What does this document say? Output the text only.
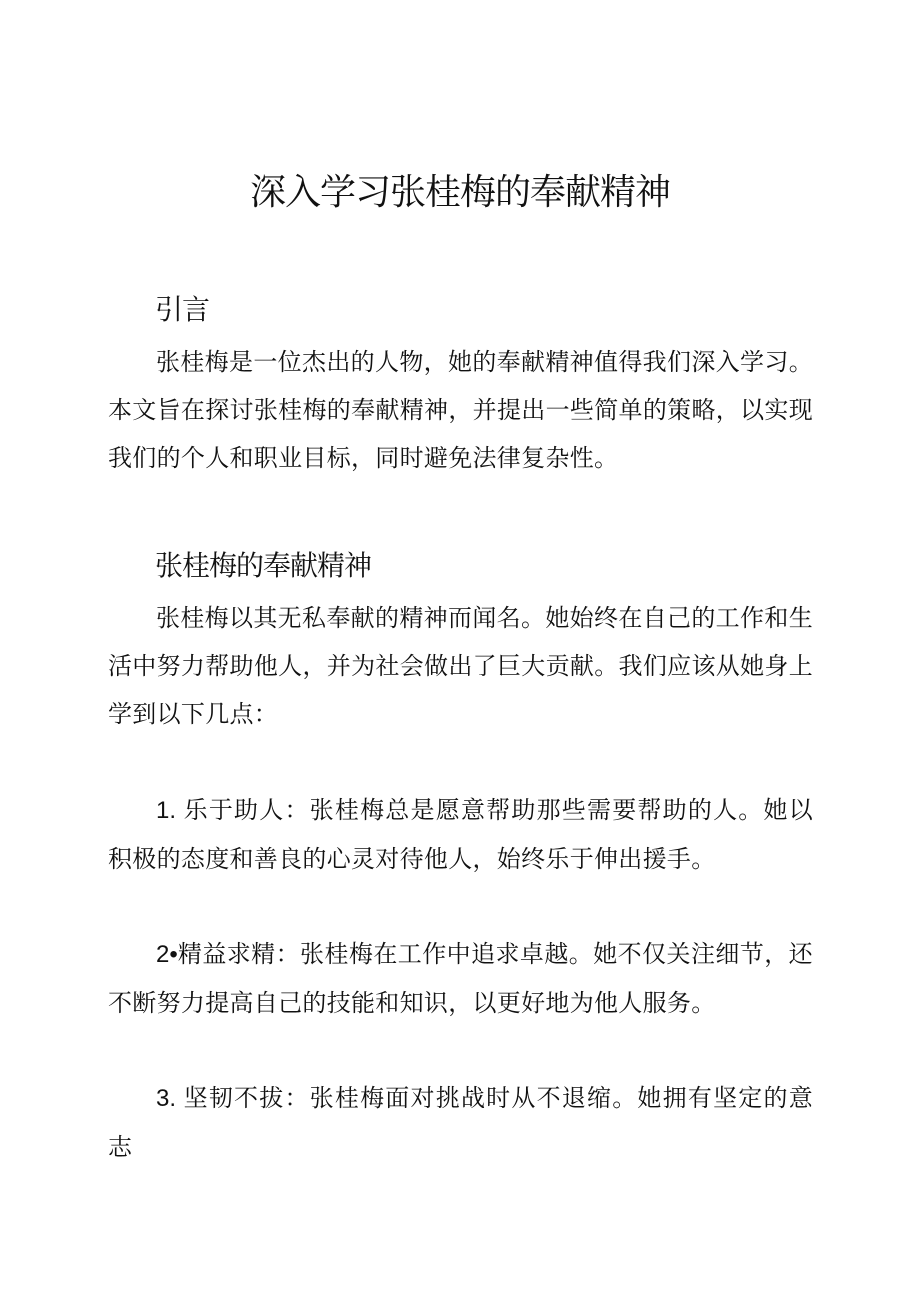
深入学习张桂梅的奉献精神
引言

张桂梅是一位杰出的人物，她的奉献精神值得我们深入学习。本文旨在探讨张桂梅的奉献精神，并提出一些简单的策略，以实现我们的个人和职业目标，同时避免法律复杂性。

张桂梅的奉献精神

张桂梅以其无私奉献的精神而闻名。她始终在自己的工作和生活中努力帮助他人，并为社会做出了巨大贡献。我们应该从她身上学到以下几点：

1. 乐于助人：张桂梅总是愿意帮助那些需要帮助的人。她以积极的态度和善良的心灵对待他人，始终乐于伸出援手。

2•精益求精：张桂梅在工作中追求卓越。她不仅关注细节，还不断努力提高自己的技能和知识，以更好地为他人服务。

3. 坚韧不拔：张桂梅面对挑战时从不退缩。她拥有坚定的意志
